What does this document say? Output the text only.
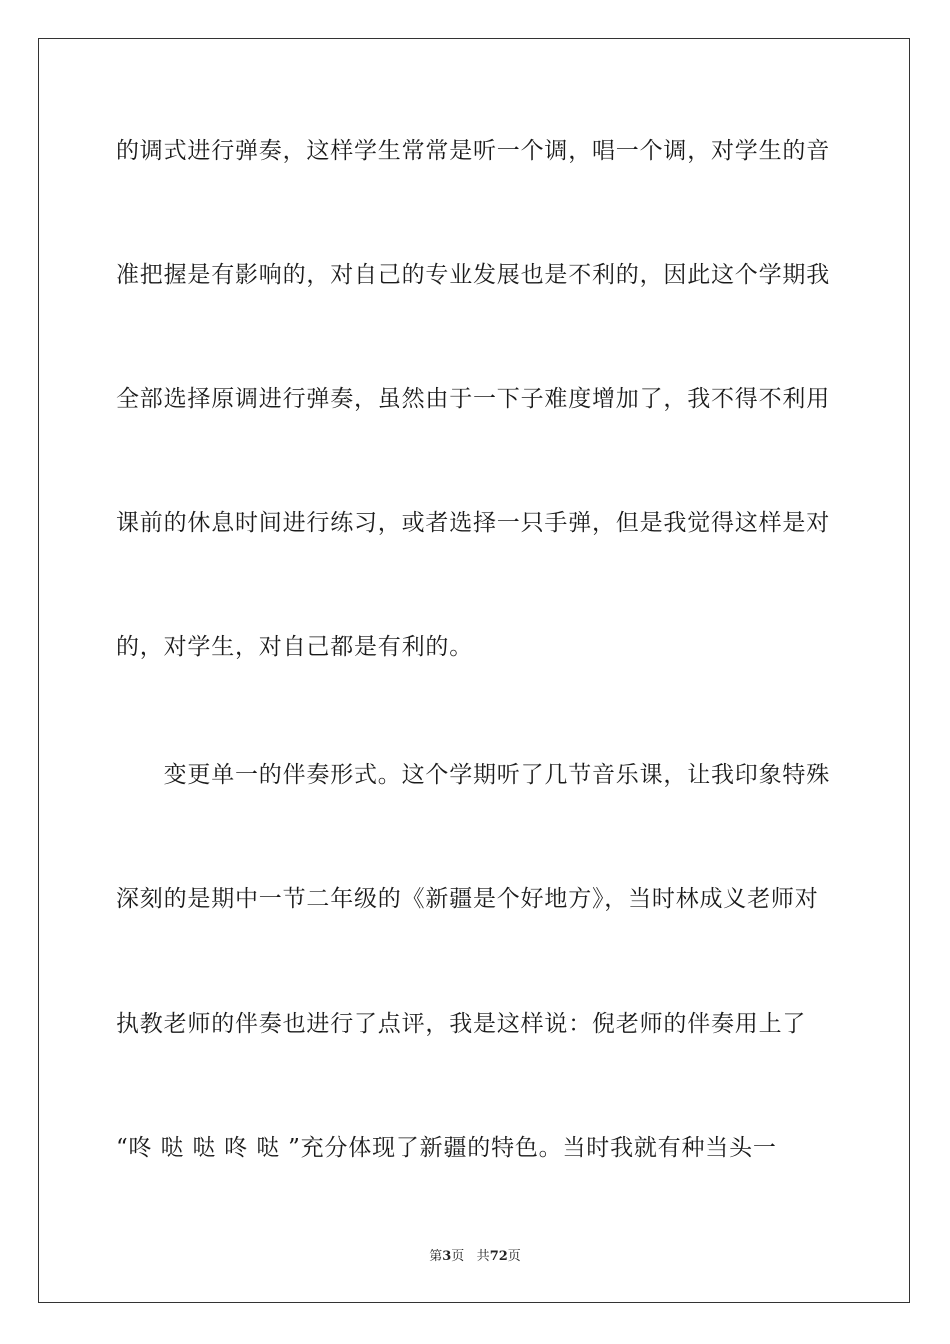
的调式进行弹奏，这样学生常常是听一个调，唱一个调，对学生的音
准把握是有影响的，对自己的专业发展也是不利的，因此这个学期我
全部选择原调进行弹奏，虽然由于一下子难度增加了，我不得不利用
课前的休息时间进行练习，或者选择一只手弹，但是我觉得这样是对
的，对学生，对自己都是有利的。
　　变更单一的伴奏形式。这个学期听了几节音乐课，让我印象特殊
深刻的是期中一节二年级的《新疆是个好地方》，当时林成义老师对
执教老师的伴奏也进行了点评，我是这样说：倪老师的伴奏用上了
“咚 哒 哒 咚 哒 ”充分体现了新疆的特色。当时我就有种当头一
第3页 共72页
